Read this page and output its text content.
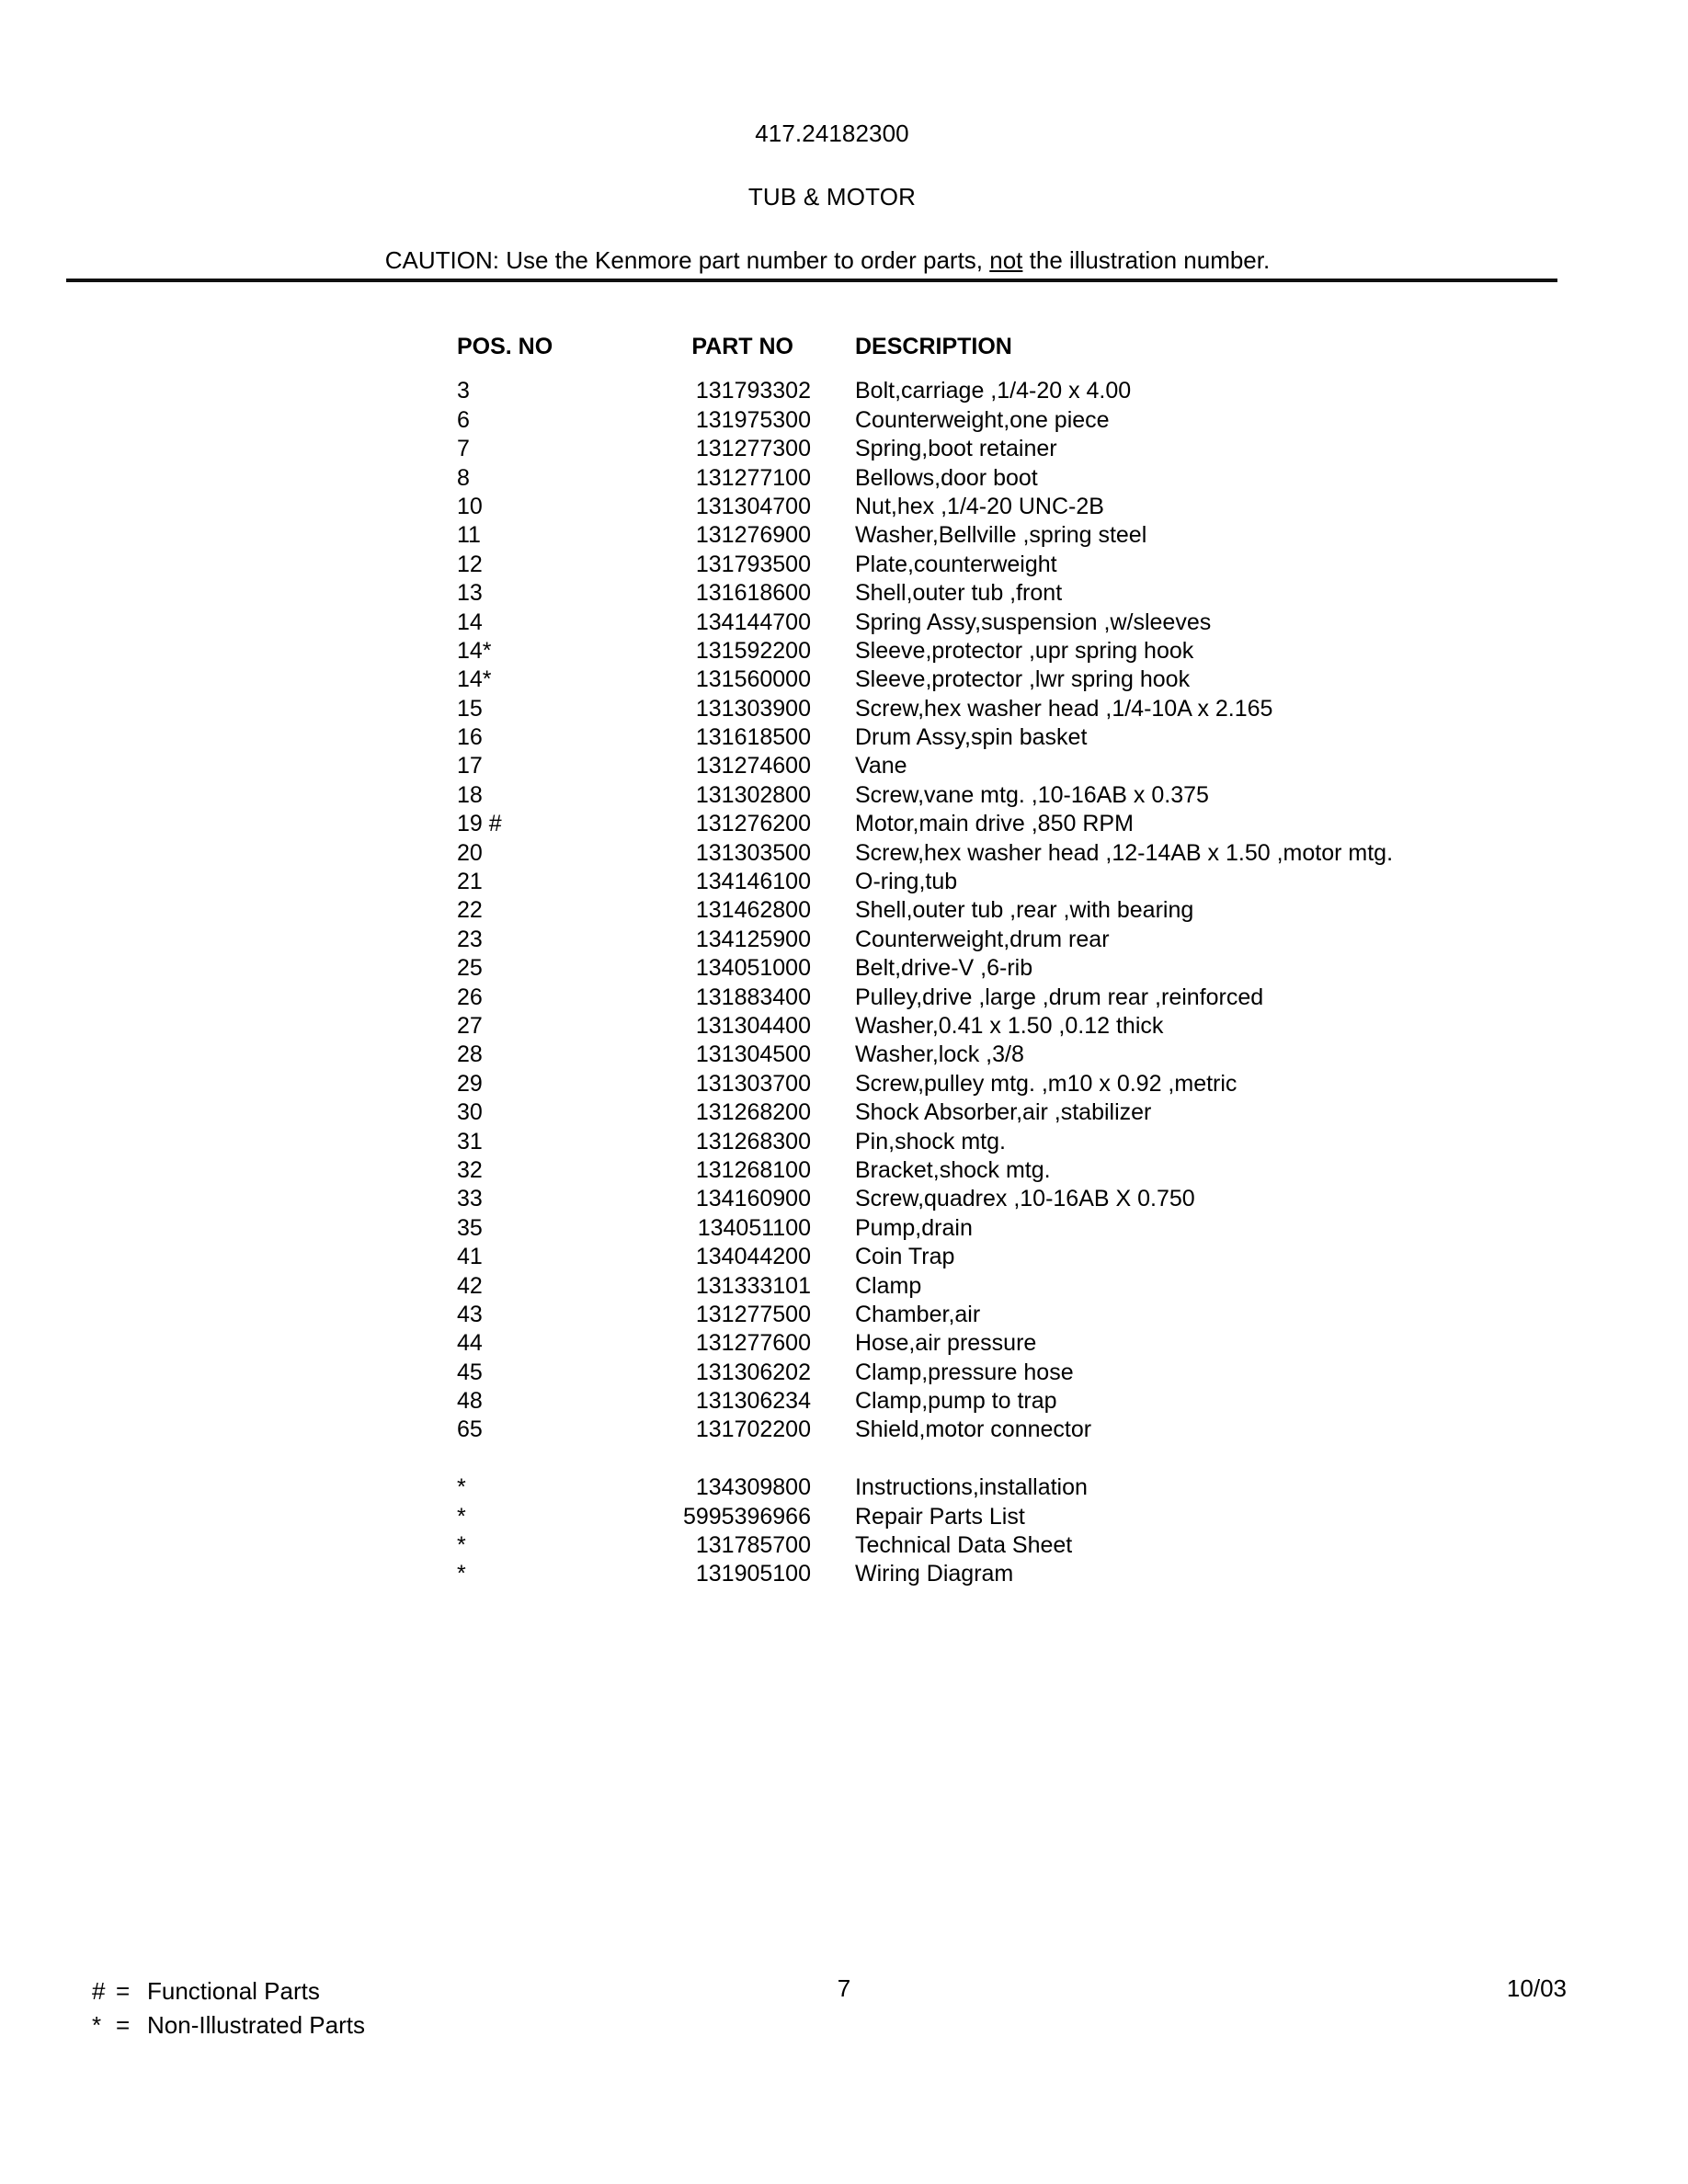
417.24182300
TUB & MOTOR
CAUTION: Use the Kenmore part number to order parts, not the illustration number.
POS. NO	PART NO	DESCRIPTION
3	131793302 Bolt,carriage ,1/4-20 x 4.00
6	131975300 Counterweight,one piece
7	131277300 Spring,boot retainer
8	131277100 Bellows,door boot
10	131304700 Nut,hex ,1/4-20 UNC-2B
11	131276900 Washer,Bellville ,spring steel
12	131793500 Plate,counterweight
13	131618600 Shell,outer tub ,front
14	134144700 Spring Assy,suspension ,w/sleeves
14*	131592200 Sleeve,protector ,upr spring hook
14*	131560000 Sleeve,protector ,lwr spring hook
15	131303900 Screw,hex washer head ,1/4-10A x 2.165
16	131618500 Drum Assy,spin basket
17	131274600 Vane
18	131302800 Screw,vane mtg. ,10-16AB x 0.375
19 #	131276200 Motor,main drive ,850 RPM
20	131303500 Screw,hex washer head ,12-14AB x 1.50 ,motor mtg.
21	134146100 O-ring,tub
22	131462800 Shell,outer tub ,rear ,with bearing
23	134125900 Counterweight,drum rear
25	134051000 Belt,drive-V ,6-rib
26	131883400 Pulley,drive ,large ,drum rear ,reinforced
27	131304400 Washer,0.41 x 1.50 ,0.12 thick
28	131304500 Washer,lock ,3/8
29	131303700 Screw,pulley mtg. ,m10 x 0.92 ,metric
30	131268200 Shock Absorber,air ,stabilizer
31	131268300 Pin,shock mtg.
32	131268100 Bracket,shock mtg.
33	134160900 Screw,quadrex ,10-16AB X 0.750
35	134051100 Pump,drain
41	134044200 Coin Trap
42	131333101 Clamp
43	131277500 Chamber,air
44	131277600 Hose,air pressure
45	131306202 Clamp,pressure hose
48	131306234 Clamp,pump to trap
65	131702200 Shield,motor connector
*	134309800 Instructions,installation
*	5995396966 Repair Parts List
*	131785700 Technical Data Sheet
*	131905100 Wiring Diagram
# = Functional Parts
* = Non-Illustrated Parts
7	10/03
